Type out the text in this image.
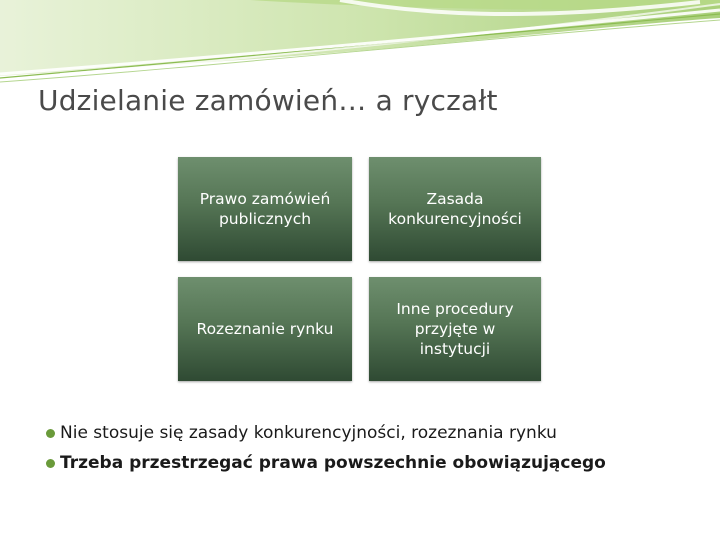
Udzielanie zamówień… a ryczałt
Prawo zamówień
publicznych
Zasada
konkurencyjności
Rozeznanie rynku
Inne procedury
przyjęte w
instytucji
Nie stosuje się zasady konkurencyjności, rozeznania rynku
Trzeba przestrzegać prawa powszechnie obowiązującego
